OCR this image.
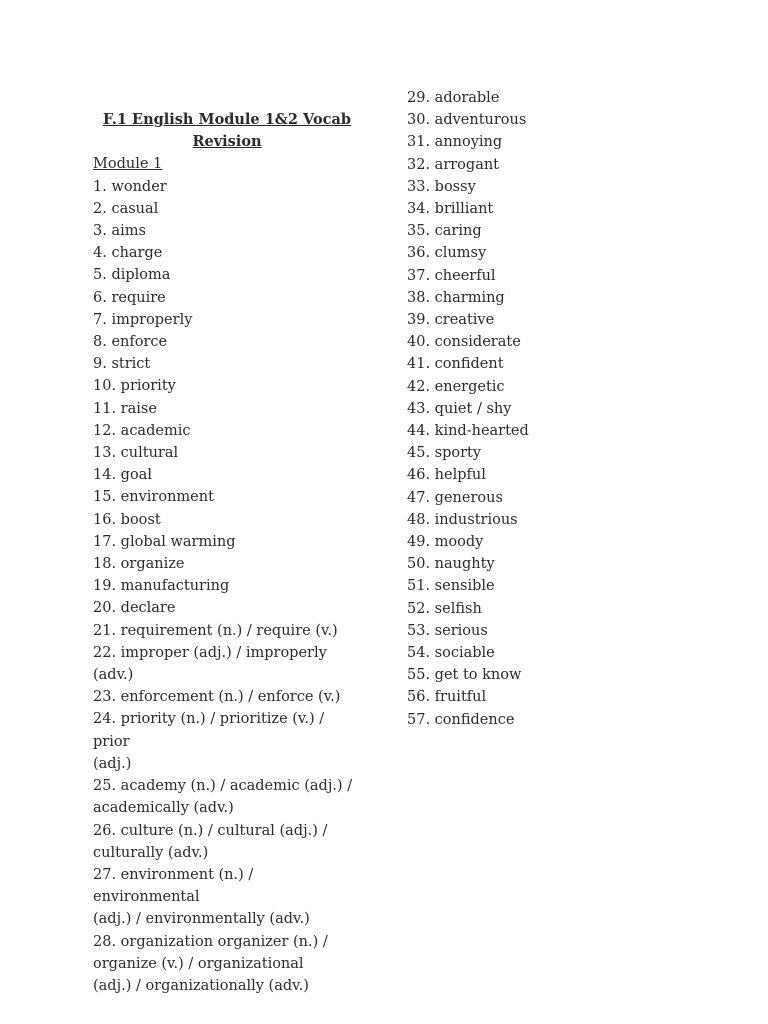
F.1 English Module 1&2 Vocab
Revision
Module 1
1. wonder
2. casual
3. aims
4. charge
5. diploma
6. require
7. improperly
8. enforce
9. strict
10. priority
11. raise
12. academic
13. cultural
14. goal
15. environment
16. boost
17. global warming
18. organize
19. manufacturing
20. declare
21. requirement (n.) / require (v.)
22. improper (adj.) / improperly (adv.)
23. enforcement (n.) / enforce (v.)
24. priority (n.) / prioritize (v.) / prior
(adj.)
25. academy (n.) / academic (adj.) /
academically (adv.)
26. culture (n.) / cultural (adj.) /
culturally (adv.)
27. environment (n.) / environmental
(adj.) / environmentally (adv.)
28. organization organizer (n.) /
organize (v.) / organizational
(adj.) / organizationally (adv.)
29. adorable
30. adventurous
31. annoying
32. arrogant
33. bossy
34. brilliant
35. caring
36. clumsy
37. cheerful
38. charming
39. creative
40. considerate
41. confident
42. energetic
43. quiet / shy
44. kind-hearted
45. sporty
46. helpful
47. generous
48. industrious
49. moody
50. naughty
51. sensible
52. selfish
53. serious
54. sociable
55. get to know
56. fruitful
57. confidence
